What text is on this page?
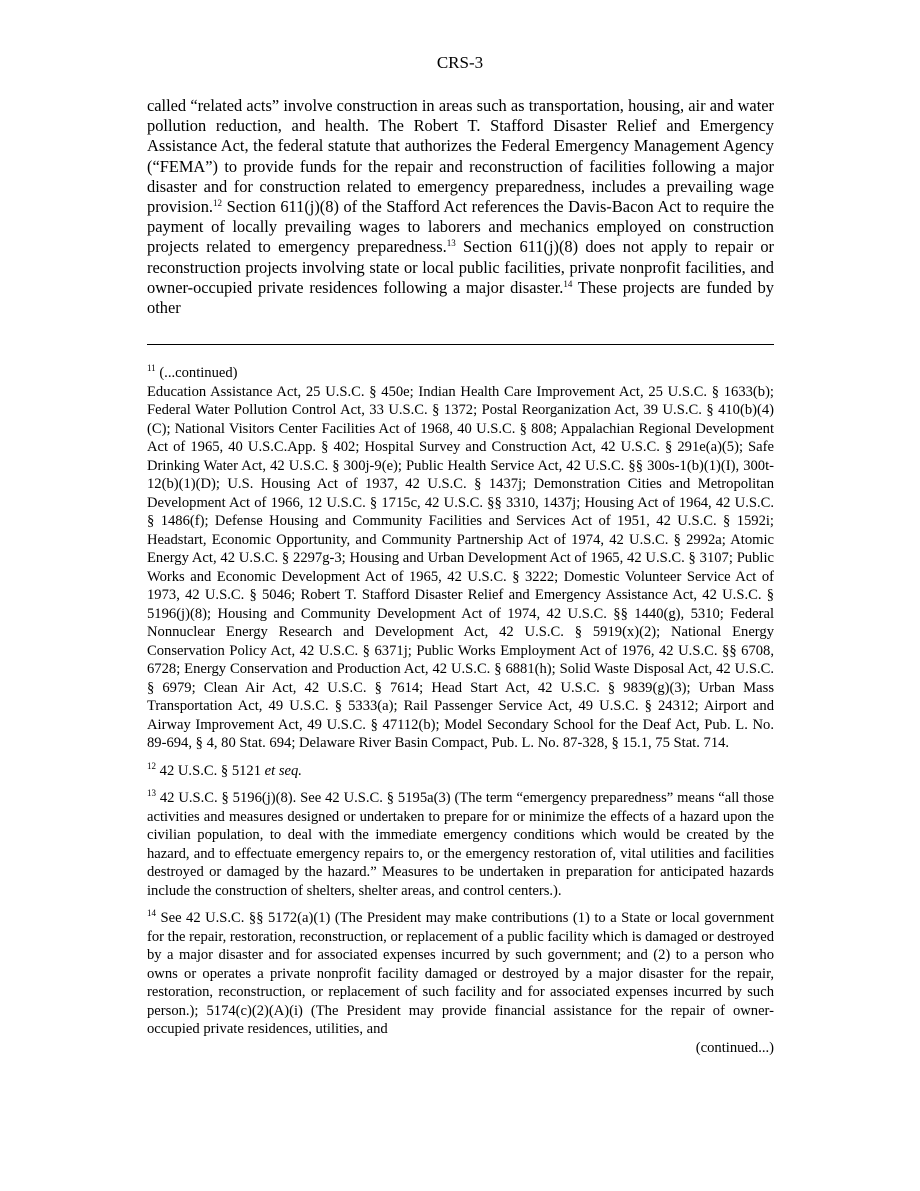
CRS-3

called “related acts” involve construction in areas such as transportation, housing, air and water pollution reduction, and health. The Robert T. Stafford Disaster Relief and Emergency Assistance Act, the federal statute that authorizes the Federal Emergency Management Agency (“FEMA”) to provide funds for the repair and reconstruction of facilities following a major disaster and for construction related to emergency preparedness, includes a prevailing wage provision.$^{12}$ Section 611(j)(8) of the Stafford Act references the Davis-Bacon Act to require the payment of locally prevailing wages to laborers and mechanics employed on construction projects related to emergency preparedness.$^{13}$ Section 611(j)(8) does not apply to repair or reconstruction projects involving state or local public facilities, private nonprofit facilities, and owner-occupied private residences following a major disaster.$^{14}$ These projects are funded by other

$^{11}$ (...continued)
Education Assistance Act, 25 U.S.C. § 450e; Indian Health Care Improvement Act, 25 U.S.C. § 1633(b); Federal Water Pollution Control Act, 33 U.S.C. § 1372; Postal Reorganization Act, 39 U.S.C. § 410(b)(4)(C); National Visitors Center Facilities Act of 1968, 40 U.S.C. § 808; Appalachian Regional Development Act of 1965, 40 U.S.C.App. § 402; Hospital Survey and Construction Act, 42 U.S.C. § 291e(a)(5); Safe Drinking Water Act, 42 U.S.C. § 300j-9(e); Public Health Service Act, 42 U.S.C. §§ 300s-1(b)(1)(I), 300t-12(b)(1)(D); U.S. Housing Act of 1937, 42 U.S.C. § 1437j; Demonstration Cities and Metropolitan Development Act of 1966, 12 U.S.C. § 1715c, 42 U.S.C. §§ 3310, 1437j; Housing Act of 1964, 42 U.S.C. § 1486(f); Defense Housing and Community Facilities and Services Act of 1951, 42 U.S.C. § 1592i; Headstart, Economic Opportunity, and Community Partnership Act of 1974, 42 U.S.C. § 2992a; Atomic Energy Act, 42 U.S.C. § 2297g-3; Housing and Urban Development Act of 1965, 42 U.S.C. § 3107; Public Works and Economic Development Act of 1965, 42 U.S.C. § 3222; Domestic Volunteer Service Act of 1973, 42 U.S.C. § 5046; Robert T. Stafford Disaster Relief and Emergency Assistance Act, 42 U.S.C. § 5196(j)(8); Housing and Community Development Act of 1974, 42 U.S.C. §§ 1440(g), 5310; Federal Nonnuclear Energy Research and Development Act, 42 U.S.C. § 5919(x)(2); National Energy Conservation Policy Act, 42 U.S.C. § 6371j; Public Works Employment Act of 1976, 42 U.S.C. §§ 6708, 6728; Energy Conservation and Production Act, 42 U.S.C. § 6881(h); Solid Waste Disposal Act, 42 U.S.C. § 6979; Clean Air Act, 42 U.S.C. § 7614; Head Start Act, 42 U.S.C. § 9839(g)(3); Urban Mass Transportation Act, 49 U.S.C. § 5333(a); Rail Passenger Service Act, 49 U.S.C. § 24312; Airport and Airway Improvement Act, 49 U.S.C. § 47112(b); Model Secondary School for the Deaf Act, Pub. L. No. 89-694, § 4, 80 Stat. 694; Delaware River Basin Compact, Pub. L. No. 87-328, § 15.1, 75 Stat. 714.

$^{12}$ 42 U.S.C. § 5121 et seq.

$^{13}$ 42 U.S.C. § 5196(j)(8). See 42 U.S.C. § 5195a(3) (The term “emergency preparedness” means “all those activities and measures designed or undertaken to prepare for or minimize the effects of a hazard upon the civilian population, to deal with the immediate emergency conditions which would be created by the hazard, and to effectuate emergency repairs to, or the emergency restoration of, vital utilities and facilities destroyed or damaged by the hazard.” Measures to be undertaken in preparation for anticipated hazards include the construction of shelters, shelter areas, and control centers.).

$^{14}$ See 42 U.S.C. §§ 5172(a)(1) (The President may make contributions (1) to a State or local government for the repair, restoration, reconstruction, or replacement of a public facility which is damaged or destroyed by a major disaster and for associated expenses incurred by such government; and (2) to a person who owns or operates a private nonprofit facility damaged or destroyed by a major disaster for the repair, restoration, reconstruction, or replacement of such facility and for associated expenses incurred by such person.); 5174(c)(2)(A)(i) (The President may provide financial assistance for the repair of owner-occupied private residences, utilities, and
(continued...)
